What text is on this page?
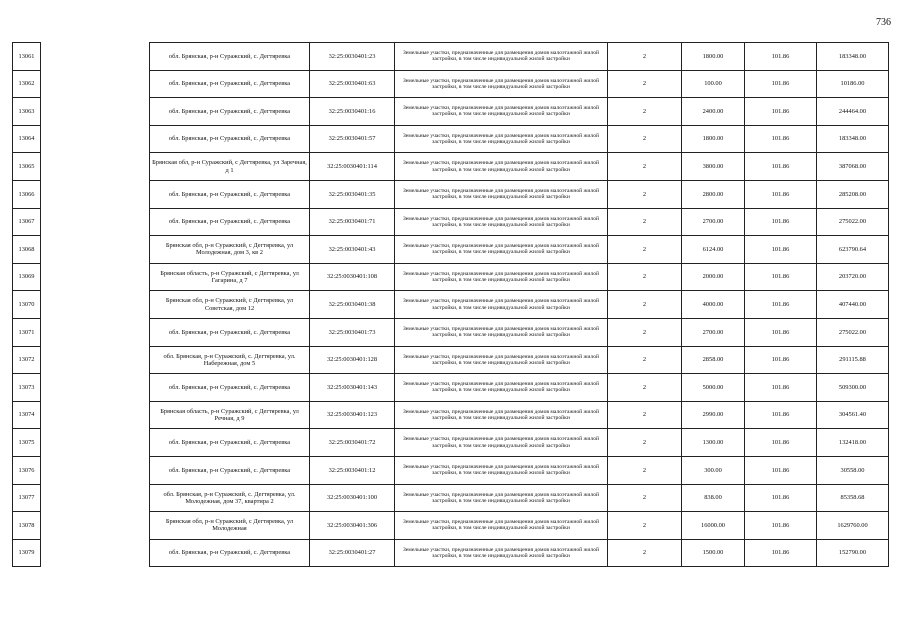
736
13061		обл. Брянская, р-н Суражский, с. Дегтяревка	32:25:0030401:23	Земельные участки, предназначенные для размещения домов малоэтажной жилой застройки, в том числе индивидуальной жилой застройки	2	1800.00	101.86	183348.00
13062		обл. Брянская, р-н Суражский, с. Дегтяревка	32:25:0030401:63	Земельные участки, предназначенные для размещения домов малоэтажной жилой застройки, в том числе индивидуальной жилой застройки	2	100.00	101.86	10186.00
13063		обл. Брянская, р-н Суражский, с. Дегтяревка	32:25:0030401:16	Земельные участки, предназначенные для размещения домов малоэтажной жилой застройки, в том числе индивидуальной жилой застройки	2	2400.00	101.86	244464.00
13064		обл. Брянская, р-н Суражский, с. Дегтяревка	32:25:0030401:57	Земельные участки, предназначенные для размещения домов малоэтажной жилой застройки, в том числе индивидуальной жилой застройки	2	1800.00	101.86	183348.00
13065		Брянская обл, р-н Суражский, с Дегтяревка, ул Заречная, д 1	32:25:0030401:114	Земельные участки, предназначенные для размещения домов малоэтажной жилой застройки, в том числе индивидуальной жилой застройки	2	3800.00	101.86	387068.00
13066		обл. Брянская, р-н Суражский, с. Дегтяревка	32:25:0030401:35	Земельные участки, предназначенные для размещения домов малоэтажной жилой застройки, в том числе индивидуальной жилой застройки	2	2800.00	101.86	285208.00
13067		обл. Брянская, р-н Суражский, с. Дегтяревка	32:25:0030401:71	Земельные участки, предназначенные для размещения домов малоэтажной жилой застройки, в том числе индивидуальной жилой застройки	2	2700.00	101.86	275022.00
13068		Брянская обл, р-н Суражский, с Дегтяревка, ул Молодежная, дом 3, кв 2	32:25:0030401:43	Земельные участки, предназначенные для размещения домов малоэтажной жилой застройки, в том числе индивидуальной жилой застройки	2	6124.00	101.86	623790.64
13069		Брянская область, р-н Суражский, с Дегтяревка, ул Гагарина, д 7	32:25:0030401:108	Земельные участки, предназначенные для размещения домов малоэтажной жилой застройки, в том числе индивидуальной жилой застройки	2	2000.00	101.86	203720.00
13070		Брянская обл, р-н Суражский, с Дегтяревка, ул Советская, дом 12	32:25:0030401:38	Земельные участки, предназначенные для размещения домов малоэтажной жилой застройки, в том числе индивидуальной жилой застройки	2	4000.00	101.86	407440.00
13071		обл. Брянская, р-н Суражский, с. Дегтяревка	32:25:0030401:73	Земельные участки, предназначенные для размещения домов малоэтажной жилой застройки, в том числе индивидуальной жилой застройки	2	2700.00	101.86	275022.00
13072		обл. Брянская, р-н Суражский, с. Дегтяревка, ул. Набережная, дом 5	32:25:0030401:128	Земельные участки, предназначенные для размещения домов малоэтажной жилой застройки, в том числе индивидуальной жилой застройки	2	2858.00	101.86	291115.88
13073		обл. Брянская, р-н Суражский, с. Дегтяревка	32:25:0030401:143	Земельные участки, предназначенные для размещения домов малоэтажной жилой застройки, в том числе индивидуальной жилой застройки	2	5000.00	101.86	509300.00
13074		Брянская область, р-н Суражский, с Дегтяревка, ул Речная, д 9	32:25:0030401:123	Земельные участки, предназначенные для размещения домов малоэтажной жилой застройки, в том числе индивидуальной жилой застройки	2	2990.00	101.86	304561.40
13075		обл. Брянская, р-н Суражский, с. Дегтяревка	32:25:0030401:72	Земельные участки, предназначенные для размещения домов малоэтажной жилой застройки, в том числе индивидуальной жилой застройки	2	1300.00	101.86	132418.00
13076		обл. Брянская, р-н Суражский, с. Дегтяревка	32:25:0030401:12	Земельные участки, предназначенные для размещения домов малоэтажной жилой застройки, в том числе индивидуальной жилой застройки	2	300.00	101.86	30558.00
13077		обл. Брянская, р-н Суражский, с. Дегтяревка, ул. Молодежная, дом 37, квартира 2	32:25:0030401:100	Земельные участки, предназначенные для размещения домов малоэтажной жилой застройки, в том числе индивидуальной жилой застройки	2	838.00	101.86	85358.68
13078		Брянская обл, р-н Суражский, с Дегтяревка, ул Молодежная	32:25:0030401:306	Земельные участки, предназначенные для размещения домов малоэтажной жилой застройки, в том числе индивидуальной жилой застройки	2	16000.00	101.86	1629760.00
13079		обл. Брянская, р-н Суражский, с. Дегтяревка	32:25:0030401:27	Земельные участки, предназначенные для размещения домов малоэтажной жилой застройки, в том числе индивидуальной жилой застройки	2	1500.00	101.86	152790.00
